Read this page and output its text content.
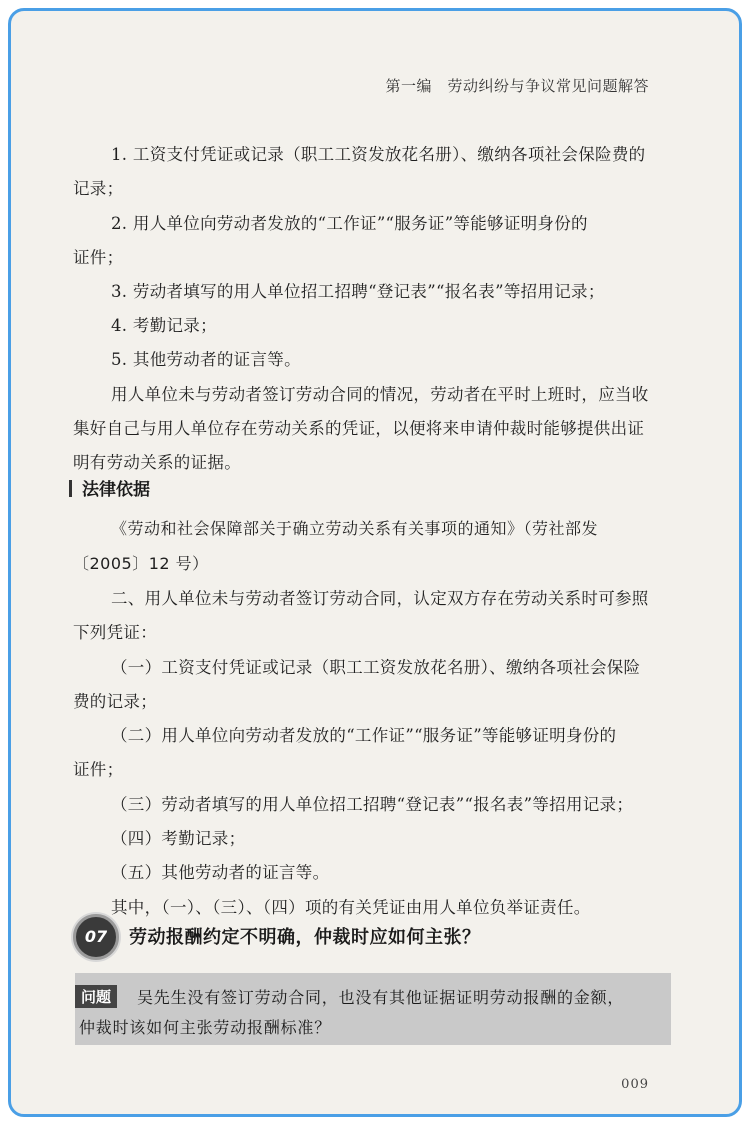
第一编　劳动纠纷与争议常见问题解答
1. 工资支付凭证或记录（职工工资发放花名册）、缴纳各项社会保险费的
记录；
2. 用人单位向劳动者发放的“工作证”“服务证”等能够证明身份的
证件；
3. 劳动者填写的用人单位招工招聘“登记表”“报名表”等招用记录；
4. 考勤记录；
5. 其他劳动者的证言等。
用人单位未与劳动者签订劳动合同的情况，劳动者在平时上班时，应当收
集好自己与用人单位存在劳动关系的凭证，以便将来申请仲裁时能够提供出证
明有劳动关系的证据。
法律依据
《劳动和社会保障部关于确立劳动关系有关事项的通知》（劳社部发
〔2005〕12 号）
二、用人单位未与劳动者签订劳动合同，认定双方存在劳动关系时可参照
下列凭证：
（一）工资支付凭证或记录（职工工资发放花名册）、缴纳各项社会保险
费的记录；
（二）用人单位向劳动者发放的“工作证”“服务证”等能够证明身份的
证件；
（三）劳动者填写的用人单位招工招聘“登记表”“报名表”等招用记录；
（四）考勤记录；
（五）其他劳动者的证言等。
其中，（一）、（三）、（四）项的有关凭证由用人单位负举证责任。
07	劳动报酬约定不明确，仲裁时应如何主张？
问题	吴先生没有签订劳动合同，也没有其他证据证明劳动报酬的金额，
仲裁时该如何主张劳动报酬标准？
009
